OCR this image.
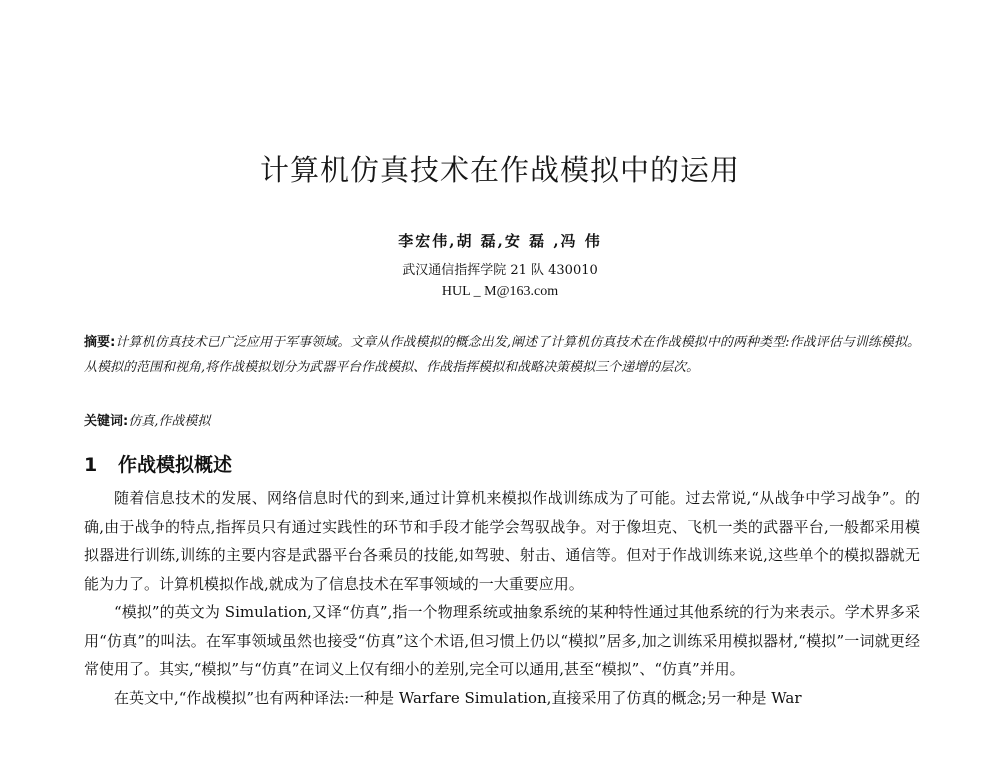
计算机仿真技术在作战模拟中的运用
李宏伟,胡 磊,安 磊 ,冯 伟
武汉通信指挥学院 21 队 430010
HUL _ M@163.com
摘要:计算机仿真技术已广泛应用于军事领域。文章从作战模拟的概念出发,阐述了计算机仿真技术在作战模拟中的两种类型:作战评估与训练模拟。从模拟的范围和视角,将作战模拟划分为武器平台作战模拟、作战指挥模拟和战略决策模拟三个递增的层次。
关键词:仿真,作战模拟
1 作战模拟概述

随着信息技术的发展、网络信息时代的到来,通过计算机来模拟作战训练成为了可能。过去常说,“从战争中学习战争”。的确,由于战争的特点,指挥员只有通过实践性的环节和手段才能学会驾驭战争。对于像坦克、飞机一类的武器平台,一般都采用模拟器进行训练,训练的主要内容是武器平台各乘员的技能,如驾驶、射击、通信等。但对于作战训练来说,这些单个的模拟器就无能为力了。计算机模拟作战,就成为了信息技术在军事领域的一大重要应用。

“模拟”的英文为 Simulation,又译“仿真”,指一个物理系统或抽象系统的某种特性通过其他系统的行为来表示。学术界多采用“仿真”的叫法。在军事领域虽然也接受“仿真”这个术语,但习惯上仍以“模拟”居多,加之训练采用模拟器材,“模拟”一词就更经常使用了。其实,“模拟”与“仿真”在词义上仅有细小的差别,完全可以通用,甚至“模拟”、“仿真”并用。

在英文中,“作战模拟”也有两种译法:一种是 Warfare Simulation,直接采用了仿真的概念;另一种是 War
